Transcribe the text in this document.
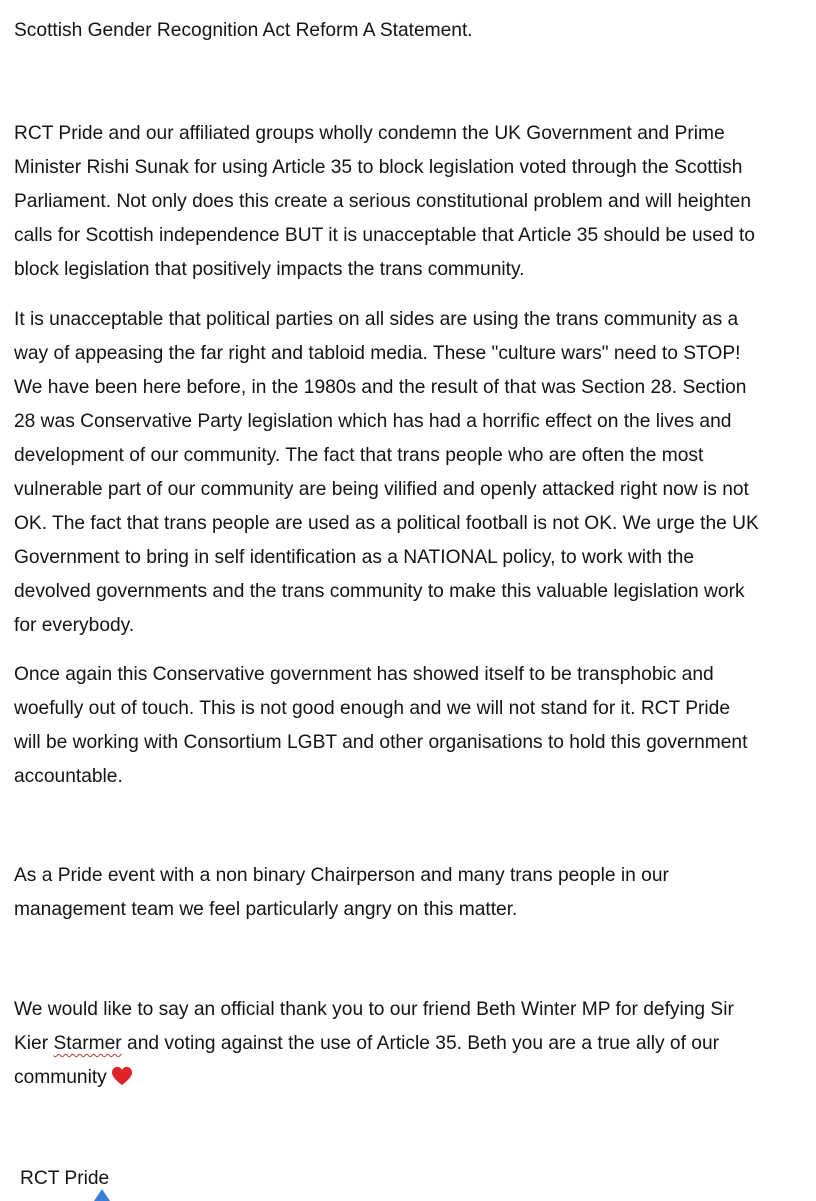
Scottish Gender Recognition Act Reform A Statement.

RCT Pride and our affiliated groups wholly condemn the UK Government and Prime
Minister Rishi Sunak for using Article 35 to block legislation voted through the Scottish
Parliament. Not only does this create a serious constitutional problem and will heighten
calls for Scottish independence BUT it is unacceptable that Article 35 should be used to
block legislation that positively impacts the trans community.

It is unacceptable that political parties on all sides are using the trans community as a
way of appeasing the far right and tabloid media. These "culture wars" need to STOP!
We have been here before, in the 1980s and the result of that was Section 28. Section
28 was Conservative Party legislation which has had a horrific effect on the lives and
development of our community. The fact that trans people who are often the most
vulnerable part of our community are being vilified and openly attacked right now is not
OK. The fact that trans people are used as a political football is not OK. We urge the UK
Government to bring in self identification as a NATIONAL policy, to work with the
devolved governments and the trans community to make this valuable legislation work
for everybody.

Once again this Conservative government has showed itself to be transphobic and
woefully out of touch. This is not good enough and we will not stand for it. RCT Pride
will be working with Consortium LGBT and other organisations to hold this government
accountable.

As a Pride event with a non binary Chairperson and many trans people in our
management team we feel particularly angry on this matter.

We would like to say an official thank you to our friend Beth Winter MP for defying Sir
Kier Starmer and voting against the use of Article 35. Beth you are a true ally of our
community

RCT Pride
